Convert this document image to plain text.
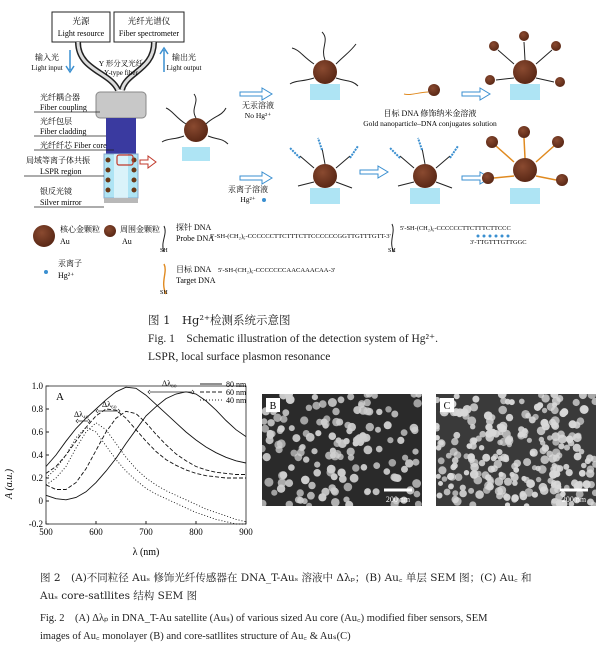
光源
Light resource
光纤光谱仪
Fiber spectrometer
输入光
Light input
输出光
Light output
Y 形分叉光纤
Y-type fiber
光纤耦合器
Fiber coupling
光纤包层
Fiber cladding
光纤纤芯 Fiber core
局域等离子体共振
LSPR region
银反光镜
Silver mirror
无汞溶液
No Hg²⁺	目标 DNA 修饰纳米金溶液
Gold nanoparticle–DNA conjugates solution
汞离子溶液
Hg²⁺
核心金颗粒
Au
周围金颗粒
Au
汞离子
Hg²⁺
SH
探针 DNA
Probe DNA
5'-SH-(CH₂)₆-CCCCCCTTCTTTCTTCCCCCCGGTTGTTTGTT-3'
SH
目标 DNA
Target DNA
5'-SH-(CH₂)₆-CCCCCCCAACAAACAA-3'
SH
5'-SH-(CH₂)₆-CCCCCCTTCTTTCTTCCC
3'-TTGTTTGTTGGC
图 1　Hg²⁺检测系统示意图
Fig. 1　Schematic illustration of the detection system of Hg²⁺.
LSPR, local surface plasmon resonance
500	600	700	800	900
1.0
0.8
0.6
0.4
0.2
0
-0.2
A
A (a.u.)
λ (nm)
80 nm
60 nm
40 nm
Δλ₄₀
Δλ₆₀
Δλ₈₀
B
200 nm
C
200 nm
图 2　(A)不同粒径 Auₛ 修饰光纤传感器在 DNA_T-Auₛ 溶液中 Δλₚ；(B) Au꜀ 单层 SEM 图；(C) Au꜀ 和
Auₛ core-satllites 结构 SEM 图
Fig. 2　(A) Δλₚ in DNA_T-Au satellite (Auₛ) of various sized Au core (Au꜀) modified fiber sensors, SEM
images of Au꜀ monolayer (B) and core-satllites structure of Au꜀ & Auₛ(C)
